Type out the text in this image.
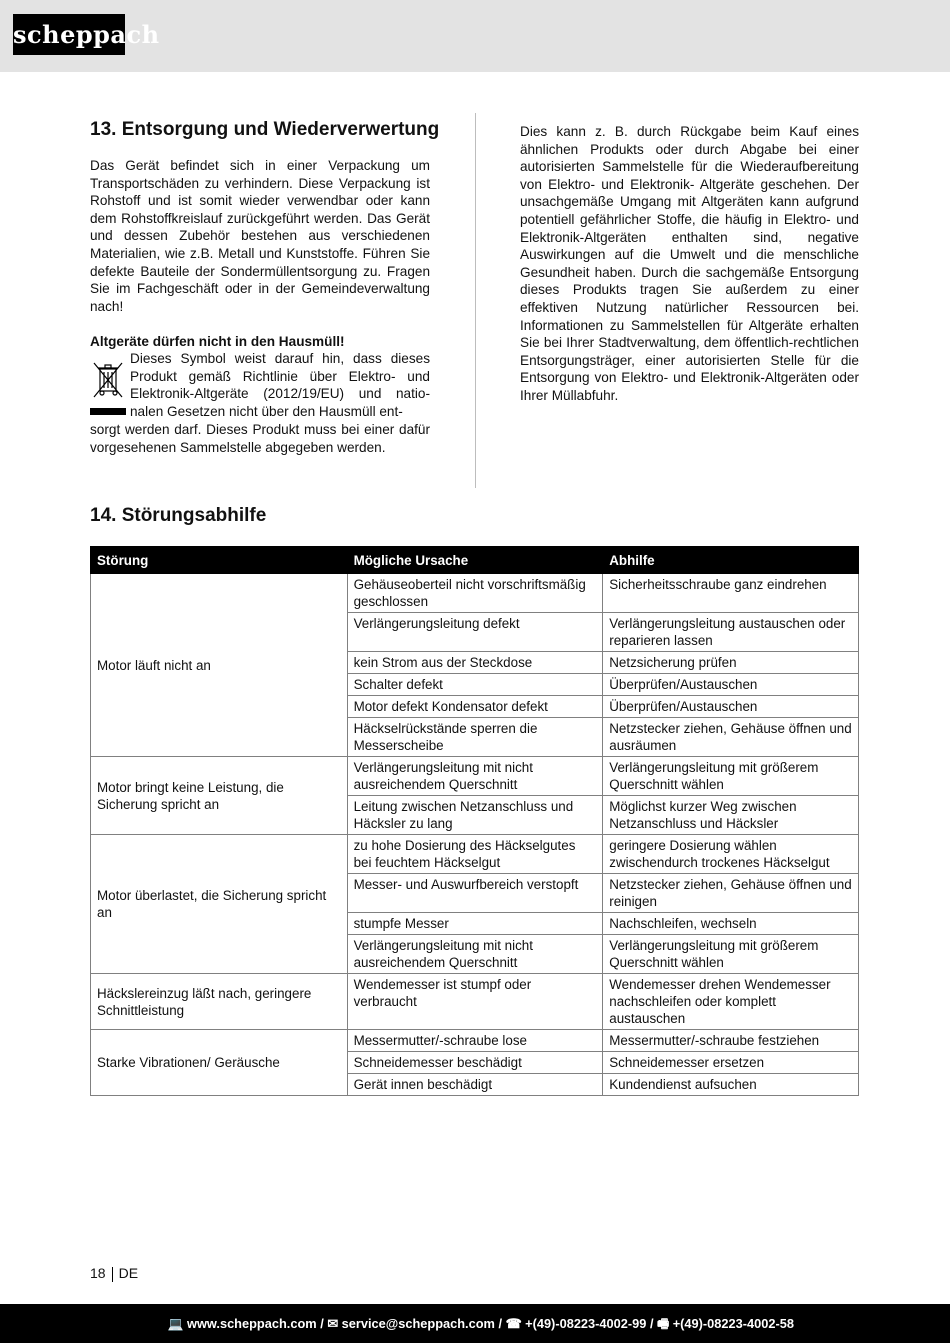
scheppach
13. Entsorgung und Wiederverwertung

Das Gerät befindet sich in einer Verpackung um Transportschäden zu verhindern. Diese Verpackung ist Rohstoff und ist somit wieder verwendbar oder kann dem Rohstoffkreislauf zurückgeführt werden. Das Gerät und dessen Zubehör bestehen aus verschiedenen Materialien, wie z.B. Metall und Kunststoffe. Führen Sie defekte Bauteile der Sondermüllentsorgung zu. Fragen Sie im Fachgeschäft oder in der Gemeindeverwaltung nach!

Altgeräte dürfen nicht in den Hausmüll!
Dieses Symbol weist darauf hin, dass dieses Produkt gemäß Richtlinie über Elektro- und Elektronik-Altgeräte (2012/19/EU) und natio-nalen Gesetzen nicht über den Hausmüll ent-
sorgt werden darf. Dieses Produkt muss bei einer dafür vorgesehenen Sammelstelle abgegeben werden.

Dies kann z. B. durch Rückgabe beim Kauf eines ähnlichen Produkts oder durch Abgabe bei einer autorisierten Sammelstelle für die Wiederaufbereitung von Elektro- und Elektronik- Altgeräte geschehen. Der unsachgemäße Umgang mit Altgeräten kann aufgrund potentiell gefährlicher Stoffe, die häufig in Elektro- und Elektronik-Altgeräten enthalten sind, negative Auswirkungen auf die Umwelt und die menschliche Gesundheit haben. Durch die sachgemäße Entsorgung dieses Produkts tragen Sie außerdem zu einer effektiven Nutzung natürlicher Ressourcen bei. Informationen zu Sammelstellen für Altgeräte erhalten Sie bei Ihrer Stadtverwaltung, dem öffentlich-rechtlichen Entsorgungsträger, einer autorisierten Stelle für die Entsorgung von Elektro- und Elektronik-Altgeräten oder Ihrer Müllabfuhr.

14. Störungsabhilfe
Störung	Mögliche Ursache	Abhilfe
Motor läuft nicht an	Gehäuseoberteil nicht vorschriftsmäßig geschlossen	Sicherheitsschraube ganz eindrehen
	Verlängerungsleitung defekt	Verlängerungsleitung austauschen oder reparieren lassen
	kein Strom aus der Steckdose	Netzsicherung prüfen
	Schalter defekt	Überprüfen/Austauschen
	Motor defekt Kondensator defekt	Überprüfen/Austauschen
	Häckselrückstände sperren die Messerscheibe	Netzstecker ziehen, Gehäuse öffnen und ausräumen
Motor bringt keine Leistung, die Sicherung spricht an	Verlängerungsleitung mit nicht ausreichendem Querschnitt	Verlängerungsleitung mit größerem Querschnitt wählen
	Leitung zwischen Netzanschluss und Häcksler zu lang	Möglichst kurzer Weg zwischen Netzanschluss und Häcksler
Motor überlastet, die Sicherung spricht an	zu hohe Dosierung des Häckselgutes bei feuchtem Häckselgut	geringere Dosierung wählen zwischendurch trockenes Häckselgut
	Messer- und Auswurfbereich verstopft	Netzstecker ziehen, Gehäuse öffnen und reinigen
	stumpfe Messer	Nachschleifen, wechseln
	Verlängerungsleitung mit nicht ausreichendem Querschnitt	Verlängerungsleitung mit größerem Querschnitt wählen
Häckslereinzug läßt nach, geringere Schnittleistung	Wendemesser ist stumpf oder verbraucht	Wendemesser drehen Wendemesser nachschleifen oder komplett austauschen
Starke Vibrationen/ Geräusche	Messermutter/-schraube lose	Messermutter/-schraube festziehen
	Schneidemesser beschädigt	Schneidemesser ersetzen
	Gerät innen beschädigt	Kundendienst aufsuchen
18 DE
💻 www.scheppach.com / ✉ service@scheppach.com / ☎ +(49)-08223-4002-99 / 🖷 +(49)-08223-4002-58
